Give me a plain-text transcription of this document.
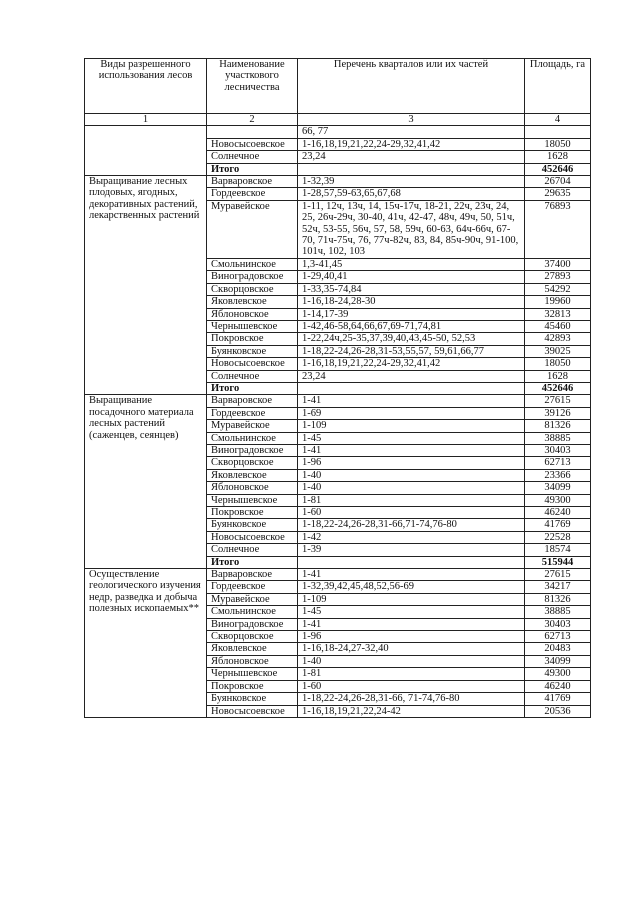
Виды разрешенного использования лесов	Наименование участкового лесничества	Перечень кварталов или их частей	Площадь, га
1	2	3	4
		66, 77	
	Новосысоевское	1-16,18,19,21,22,24-29,32,41,42	18050
	Солнечное	23,24	1628
	Итого		452646
Выращивание лесных плодовых, ягодных, декоративных растений, лекарственных растений	Варваровское	1-32,39	26704
	Гордеевское	1-28,57,59-63,65,67,68	29635
	Муравейское	1-11, 12ч, 13ч, 14, 15ч-17ч, 18-21, 22ч, 23ч, 24, 25, 26ч-29ч, 30-40, 41ч, 42-47, 48ч, 49ч, 50, 51ч, 52ч, 53-55, 56ч, 57, 58, 59ч, 60-63, 64ч-66ч, 67-70, 71ч-75ч, 76, 77ч-82ч, 83, 84, 85ч-90ч, 91-100, 101ч, 102, 103	76893
	Смольнинское	1,3-41,45	37400
	Виноградовское	1-29,40,41	27893
	Скворцовское	1-33,35-74,84	54292
	Яковлевское	1-16,18-24,28-30	19960
	Яблоновское	1-14,17-39	32813
	Чернышевское	1-42,46-58,64,66,67,69-71,74,81	45460
	Покровское	1-22,24ч,25-35,37,39,40,43,45-50, 52,53	42893
	Буянковское	1-18,22-24,26-28,31-53,55,57, 59,61,66,77	39025
	Новосысоевское	1-16,18,19,21,22,24-29,32,41,42	18050
	Солнечное	23,24	1628
	Итого		452646
Выращивание посадочного материала лесных растений (саженцев, сеянцев)	Варваровское	1-41	27615
	Гордеевское	1-69	39126
	Муравейское	1-109	81326
	Смольнинское	1-45	38885
	Виноградовское	1-41	30403
	Скворцовское	1-96	62713
	Яковлевское	1-40	23366
	Яблоновское	1-40	34099
	Чернышевское	1-81	49300
	Покровское	1-60	46240
	Буянковское	1-18,22-24,26-28,31-66,71-74,76-80	41769
	Новосысоевское	1-42	22528
	Солнечное	1-39	18574
	Итого		515944
Осуществление геологического изучения недр, разведка и добыча полезных ископаемых**	Варваровское	1-41	27615
	Гордеевское	1-32,39,42,45,48,52,56-69	34217
	Муравейское	1-109	81326
	Смольнинское	1-45	38885
	Виноградовское	1-41	30403
	Скворцовское	1-96	62713
	Яковлевское	1-16,18-24,27-32,40	20483
	Яблоновское	1-40	34099
	Чернышевское	1-81	49300
	Покровское	1-60	46240
	Буянковское	1-18,22-24,26-28,31-66, 71-74,76-80	41769
	Новосысоевское	1-16,18,19,21,22,24-42	20536
